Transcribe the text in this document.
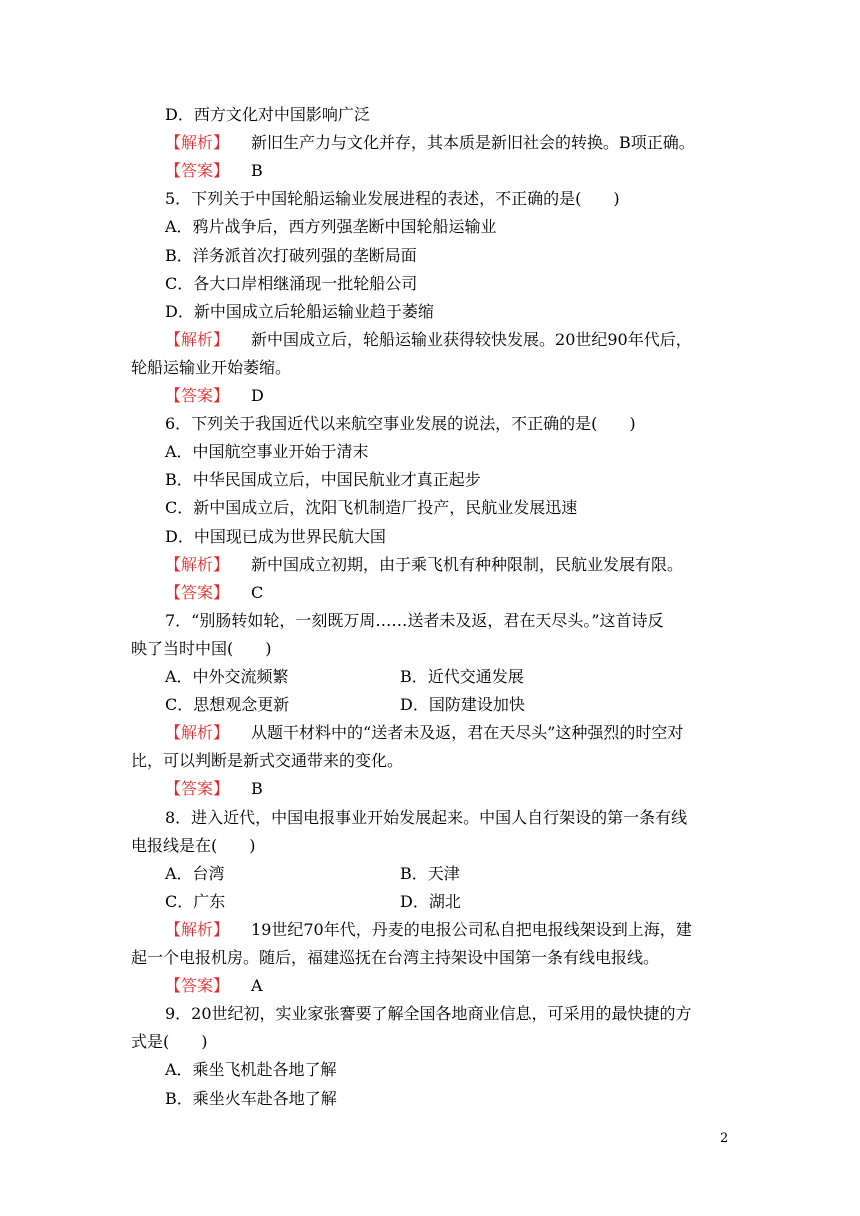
D．西方文化对中国影响广泛
【解析】 新旧生产力与文化并存，其本质是新旧社会的转换。B项正确。
【答案】 B
5．下列关于中国轮船运输业发展进程的表述，不正确的是(　　)
A．鸦片战争后，西方列强垄断中国轮船运输业
B．洋务派首次打破列强的垄断局面
C．各大口岸相继涌现一批轮船公司
D．新中国成立后轮船运输业趋于萎缩
【解析】 新中国成立后，轮船运输业获得较快发展。20世纪90年代后，
轮船运输业开始萎缩。
【答案】 D
6．下列关于我国近代以来航空事业发展的说法，不正确的是(　　)
A．中国航空事业开始于清末
B．中华民国成立后，中国民航业才真正起步
C．新中国成立后，沈阳飞机制造厂投产，民航业发展迅速
D．中国现已成为世界民航大国
【解析】 新中国成立初期，由于乘飞机有种种限制，民航业发展有限。
【答案】 C
7．“别肠转如轮，一刻既万周……送者未及返，君在天尽头。”这首诗反
映了当时中国(　　)
A．中外交流频繁	B．近代交通发展
C．思想观念更新	D．国防建设加快
【解析】 从题干材料中的“送者未及返，君在天尽头”这种强烈的时空对
比，可以判断是新式交通带来的变化。
【答案】 B
8．进入近代，中国电报事业开始发展起来。中国人自行架设的第一条有线
电报线是在(　　)
A．台湾	B．天津
C．广东	D．湖北
【解析】 19世纪70年代，丹麦的电报公司私自把电报线架设到上海，建
起一个电报机房。随后，福建巡抚在台湾主持架设中国第一条有线电报线。
【答案】 A
9．20世纪初，实业家张謇要了解全国各地商业信息，可采用的最快捷的方
式是(　　)
A．乘坐飞机赴各地了解
B．乘坐火车赴各地了解
2
